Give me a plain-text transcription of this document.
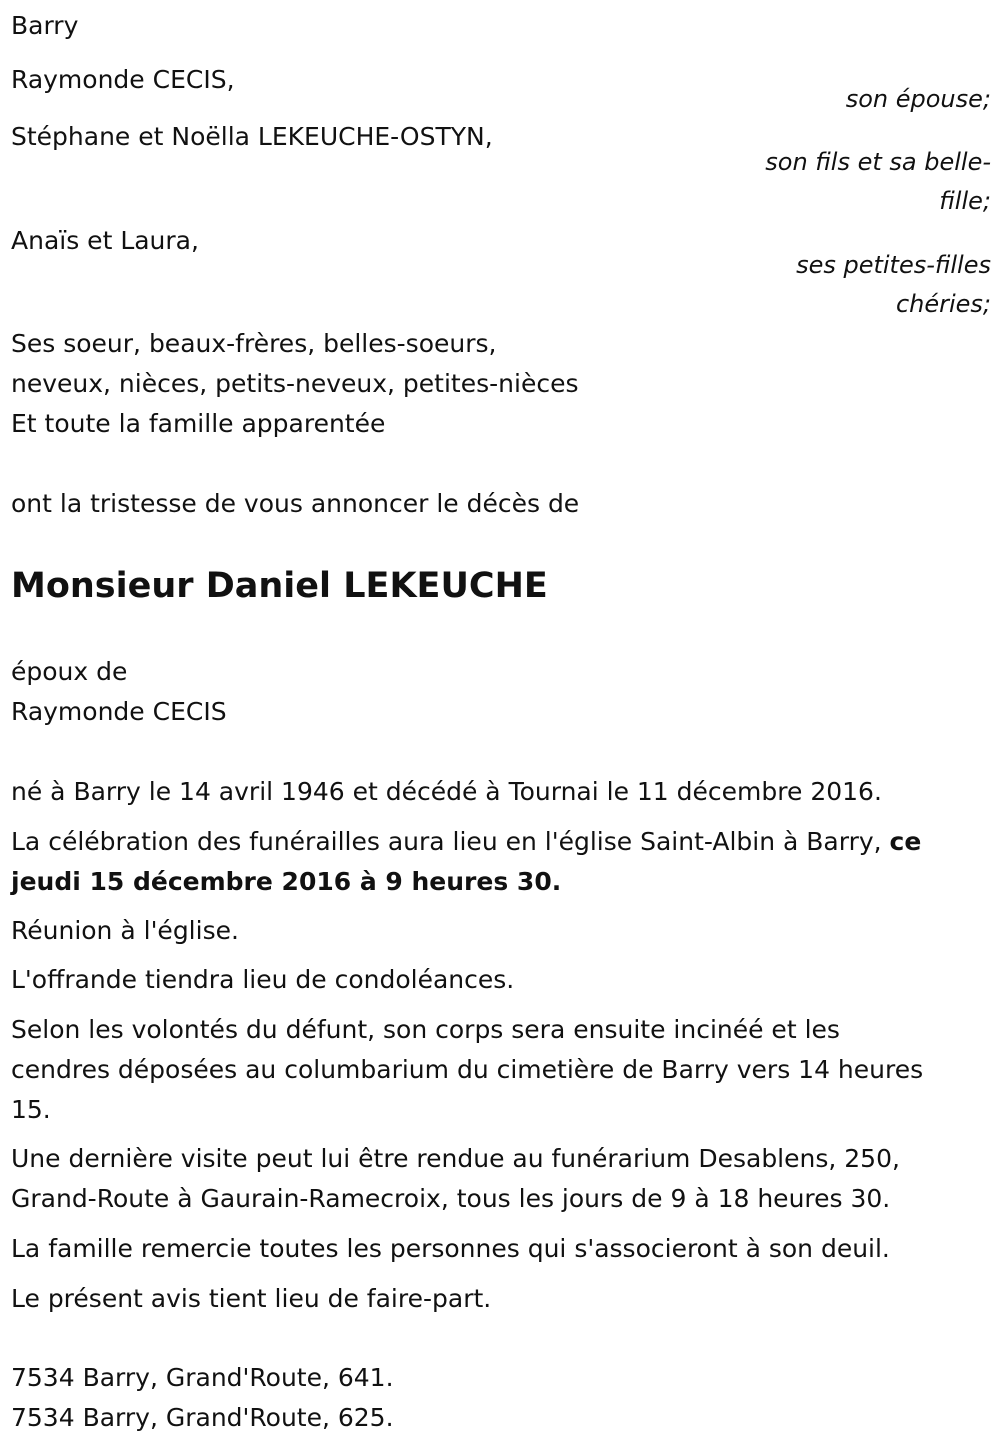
Barry
Raymonde CECIS,
son épouse;
Stéphane et Noëlla LEKEUCHE-OSTYN,
son fils et sa belle-
fille;
Anaïs et Laura,
ses petites-filles
chéries;
Ses soeur, beaux-frères, belles-soeurs,
neveux, nièces, petits-neveux, petites-nièces
Et toute la famille apparentée
ont la tristesse de vous annoncer le décès de
Monsieur Daniel LEKEUCHE
époux de
Raymonde CECIS
né à Barry le 14 avril 1946 et décédé à Tournai le 11 décembre 2016.
La célébration des funérailles aura lieu en l'église Saint-Albin à Barry, ce
jeudi 15 décembre 2016 à 9 heures 30.
Réunion à l'église.
L'offrande tiendra lieu de condoléances.
Selon les volontés du défunt, son corps sera ensuite incinéé et les
cendres déposées au columbarium du cimetière de Barry vers 14 heures
15.
Une dernière visite peut lui être rendue au funérarium Desablens, 250,
Grand-Route à Gaurain-Ramecroix, tous les jours de 9 à 18 heures 30.
La famille remercie toutes les personnes qui s'associeront à son deuil.
Le présent avis tient lieu de faire-part.
7534 Barry, Grand'Route, 641.
7534 Barry, Grand'Route, 625.
